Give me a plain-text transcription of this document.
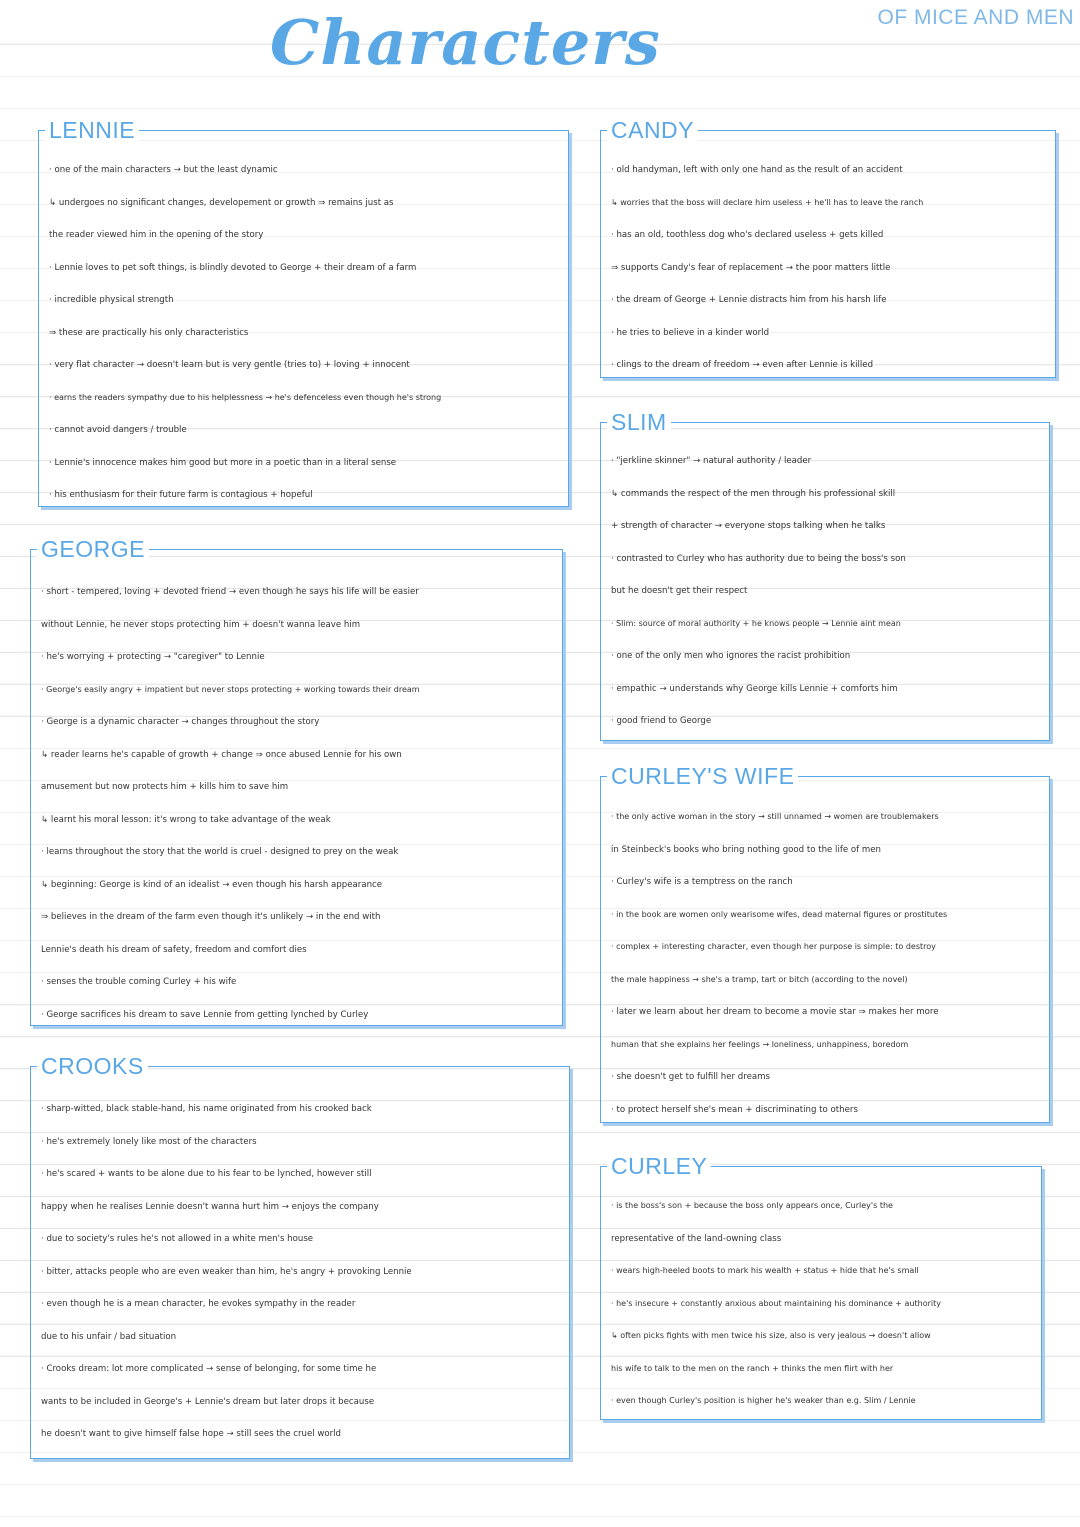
Characters	OF MICE AND MEN
LENNIE
· one of the main characters → but the least dynamic
↳ undergoes no significant changes, developement or growth ⇒ remains just as
the reader viewed him in the opening of the story
· Lennie loves to pet soft things, is blindly devoted to George + their dream of a farm
· incredible physical strength
⇒ these are practically his only characteristics
· very flat character → doesn't learn but is very gentle (tries to) + loving + innocent
· earns the readers sympathy due to his helplessness → he's defenceless even though he's strong
· cannot avoid dangers / trouble
· Lennie's innocence makes him good but more in a poetic than in a literal sense
· his enthusiasm for their future farm is contagious + hopeful
GEORGE
· short - tempered, loving + devoted friend → even though he says his life will be easier
without Lennie, he never stops protecting him + doesn't wanna leave him
· he's worrying + protecting → "caregiver" to Lennie
· George's easily angry + impatient but never stops protecting + working towards their dream
· George is a dynamic character → changes throughout the story
↳ reader learns he's capable of growth + change ⇒ once abused Lennie for his own
amusement but now protects him + kills him to save him
↳ learnt his moral lesson: it's wrong to take advantage of the weak
· learns throughout the story that the world is cruel - designed to prey on the weak
↳ beginning: George is kind of an idealist → even though his harsh appearance
⇒ believes in the dream of the farm even though it's unlikely → in the end with
Lennie's death his dream of safety, freedom and comfort dies
· senses the trouble coming Curley + his wife
· George sacrifices his dream to save Lennie from getting lynched by Curley
CROOKS
· sharp-witted, black stable-hand, his name originated from his crooked back
· he's extremely lonely like most of the characters
· he's scared + wants to be alone due to his fear to be lynched, however still
happy when he realises Lennie doesn't wanna hurt him → enjoys the company
· due to society's rules he's not allowed in a white men's house
· bitter, attacks people who are even weaker than him, he's angry + provoking Lennie
· even though he is a mean character, he evokes sympathy in the reader
due to his unfair / bad situation
· Crooks dream: lot more complicated → sense of belonging, for some time he
wants to be included in George's + Lennie's dream but later drops it because
he doesn't want to give himself false hope → still sees the cruel world
CANDY
· old handyman, left with only one hand as the result of an accident
↳ worries that the boss will declare him useless + he'll has to leave the ranch
· has an old, toothless dog who's declared useless + gets killed
⇒ supports Candy's fear of replacement → the poor matters little
· the dream of George + Lennie distracts him from his harsh life
· he tries to believe in a kinder world
· clings to the dream of freedom → even after Lennie is killed
SLIM
· "jerkline skinner" → natural authority / leader
↳ commands the respect of the men through his professional skill
+ strength of character → everyone stops talking when he talks
· contrasted to Curley who has authority due to being the boss's son
but he doesn't get their respect
· Slim: source of moral authority + he knows people → Lennie aint mean
· one of the only men who ignores the racist prohibition
· empathic → understands why George kills Lennie + comforts him
· good friend to George
CURLEY'S WIFE
· the only active woman in the story → still unnamed → women are troublemakers
in Steinbeck's books who bring nothing good to the life of men
· Curley's wife is a temptress on the ranch
· in the book are women only wearisome wifes, dead maternal figures or prostitutes
· complex + interesting character, even though her purpose is simple: to destroy
the male happiness → she's a tramp, tart or bitch (according to the novel)
· later we learn about her dream to become a movie star ⇒ makes her more
human that she explains her feelings → loneliness, unhappiness, boredom
· she doesn't get to fulfill her dreams
· to protect herself she's mean + discriminating to others
CURLEY
· is the boss's son + because the boss only appears once, Curley's the
representative of the land-owning class
· wears high-heeled boots to mark his wealth + status + hide that he's small
· he's insecure + constantly anxious about maintaining his dominance + authority
↳ often picks fights with men twice his size, also is very jealous → doesn't allow
his wife to talk to the men on the ranch + thinks the men flirt with her
· even though Curley's position is higher he's weaker than e.g. Slim / Lennie
